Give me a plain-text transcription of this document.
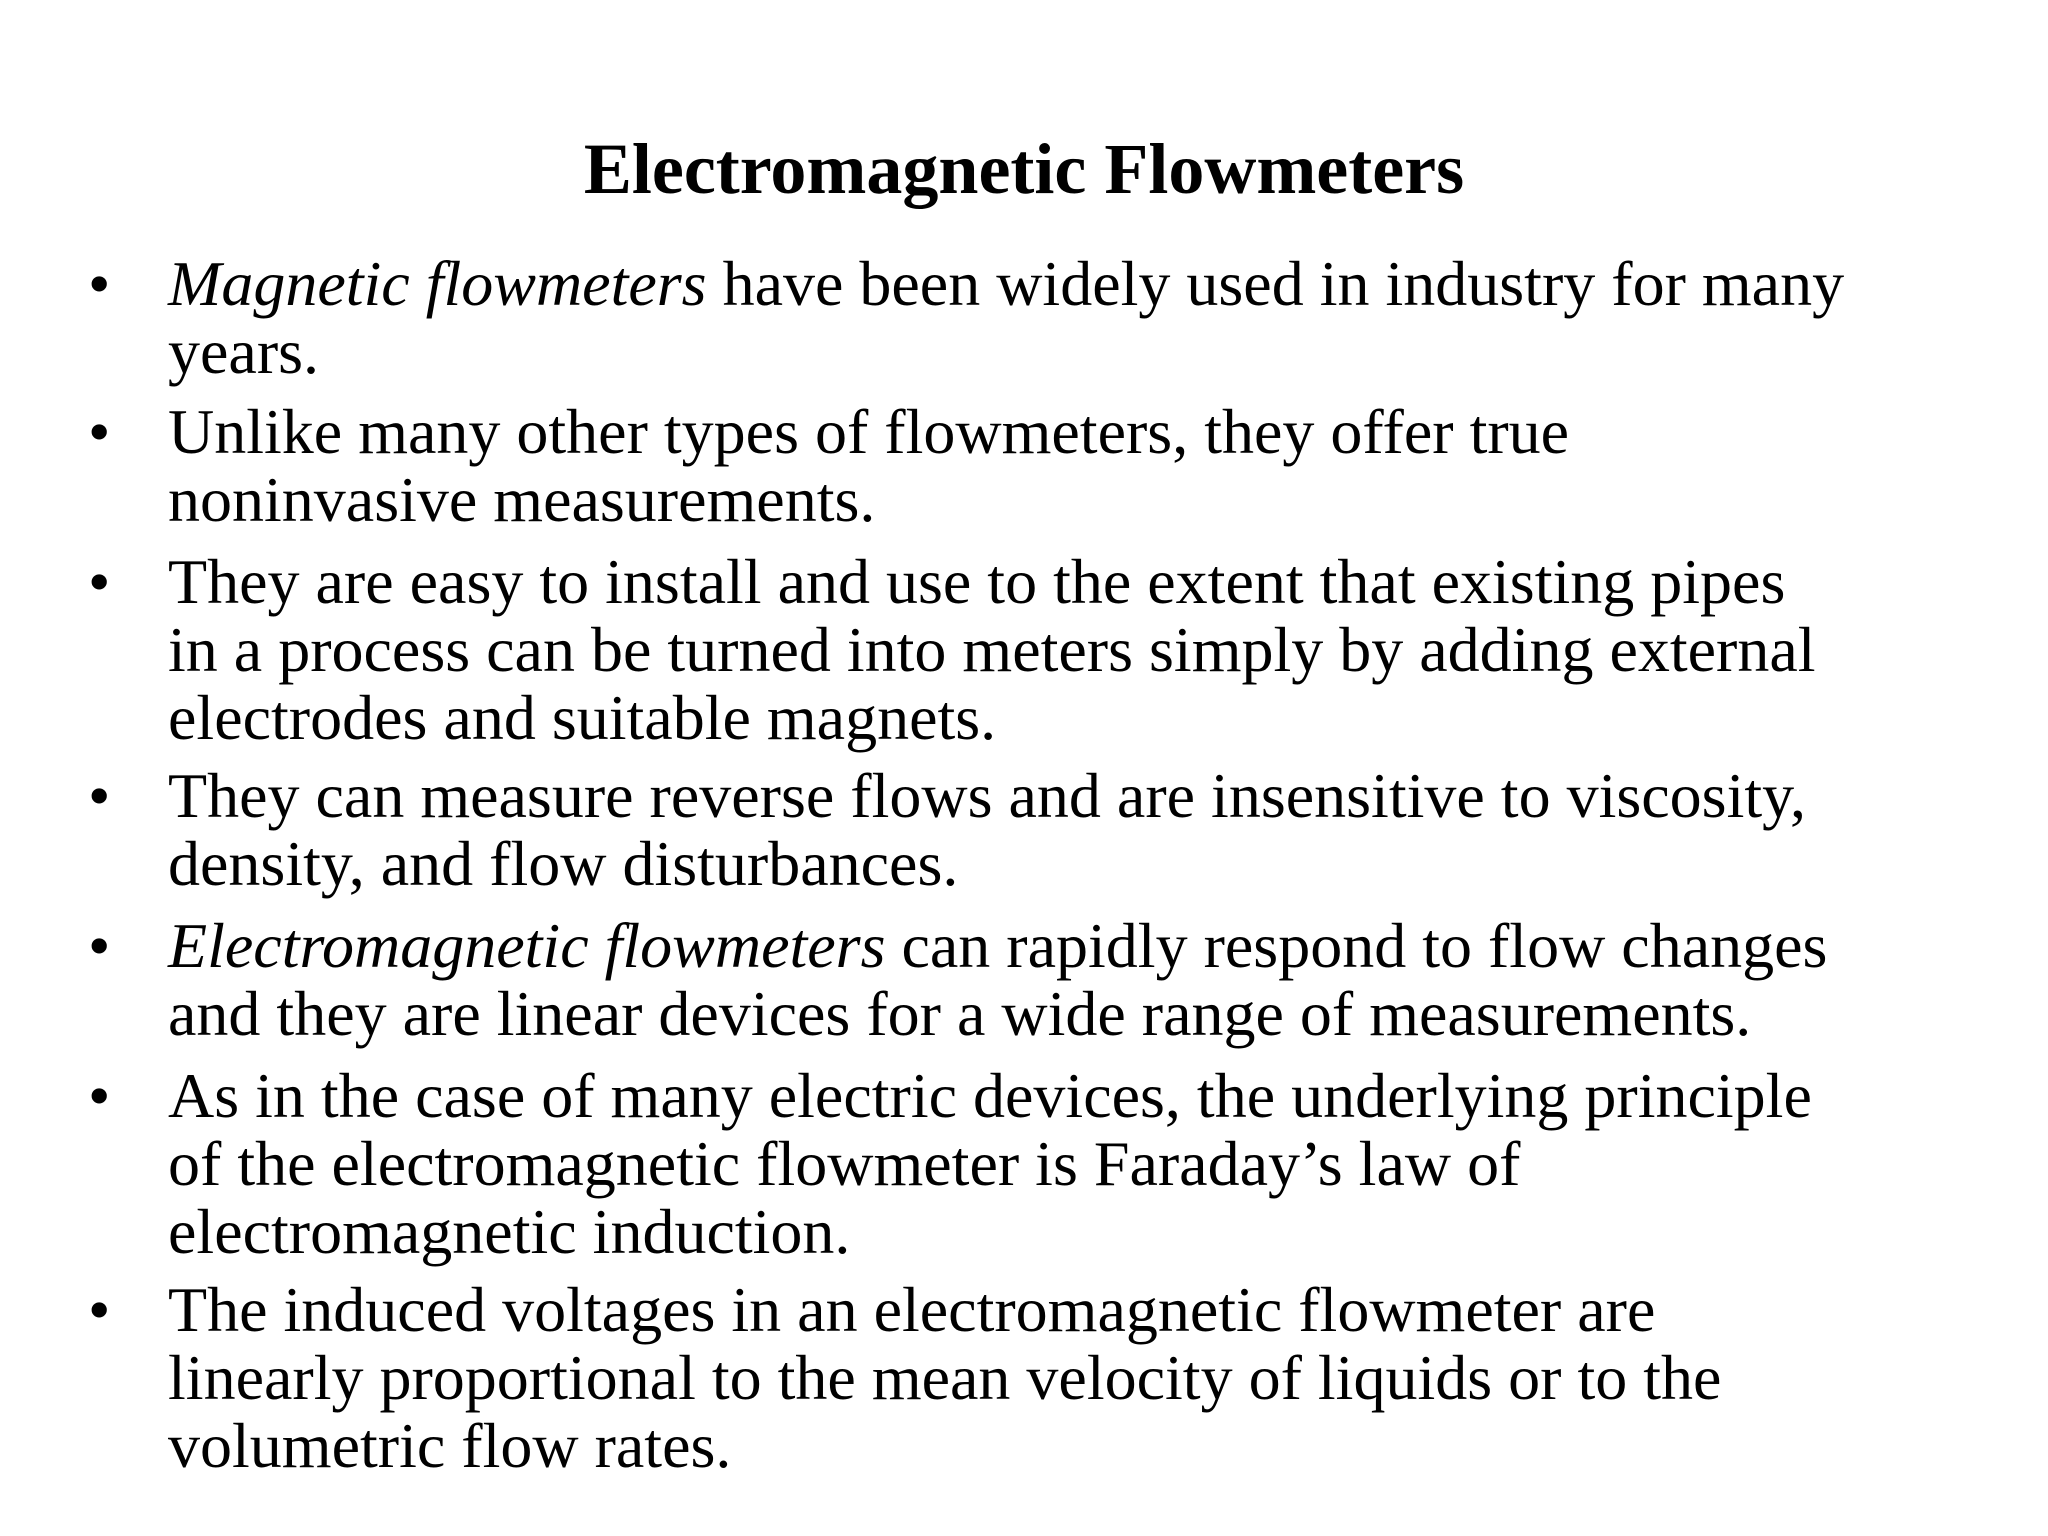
Electromagnetic Flowmeters
• Magnetic flowmeters have been widely used in industry for many
years.
• Unlike many other types of flowmeters, they offer true
noninvasive measurements.
• They are easy to install and use to the extent that existing pipes
in a process can be turned into meters simply by adding external
electrodes and suitable magnets.
• They can measure reverse flows and are insensitive to viscosity,
density, and flow disturbances.
• Electromagnetic flowmeters can rapidly respond to flow changes
and they are linear devices for a wide range of measurements.
• As in the case of many electric devices, the underlying principle
of the electromagnetic flowmeter is Faraday’s law of
electromagnetic induction.
• The induced voltages in an electromagnetic flowmeter are
linearly proportional to the mean velocity of liquids or to the
volumetric flow rates.
